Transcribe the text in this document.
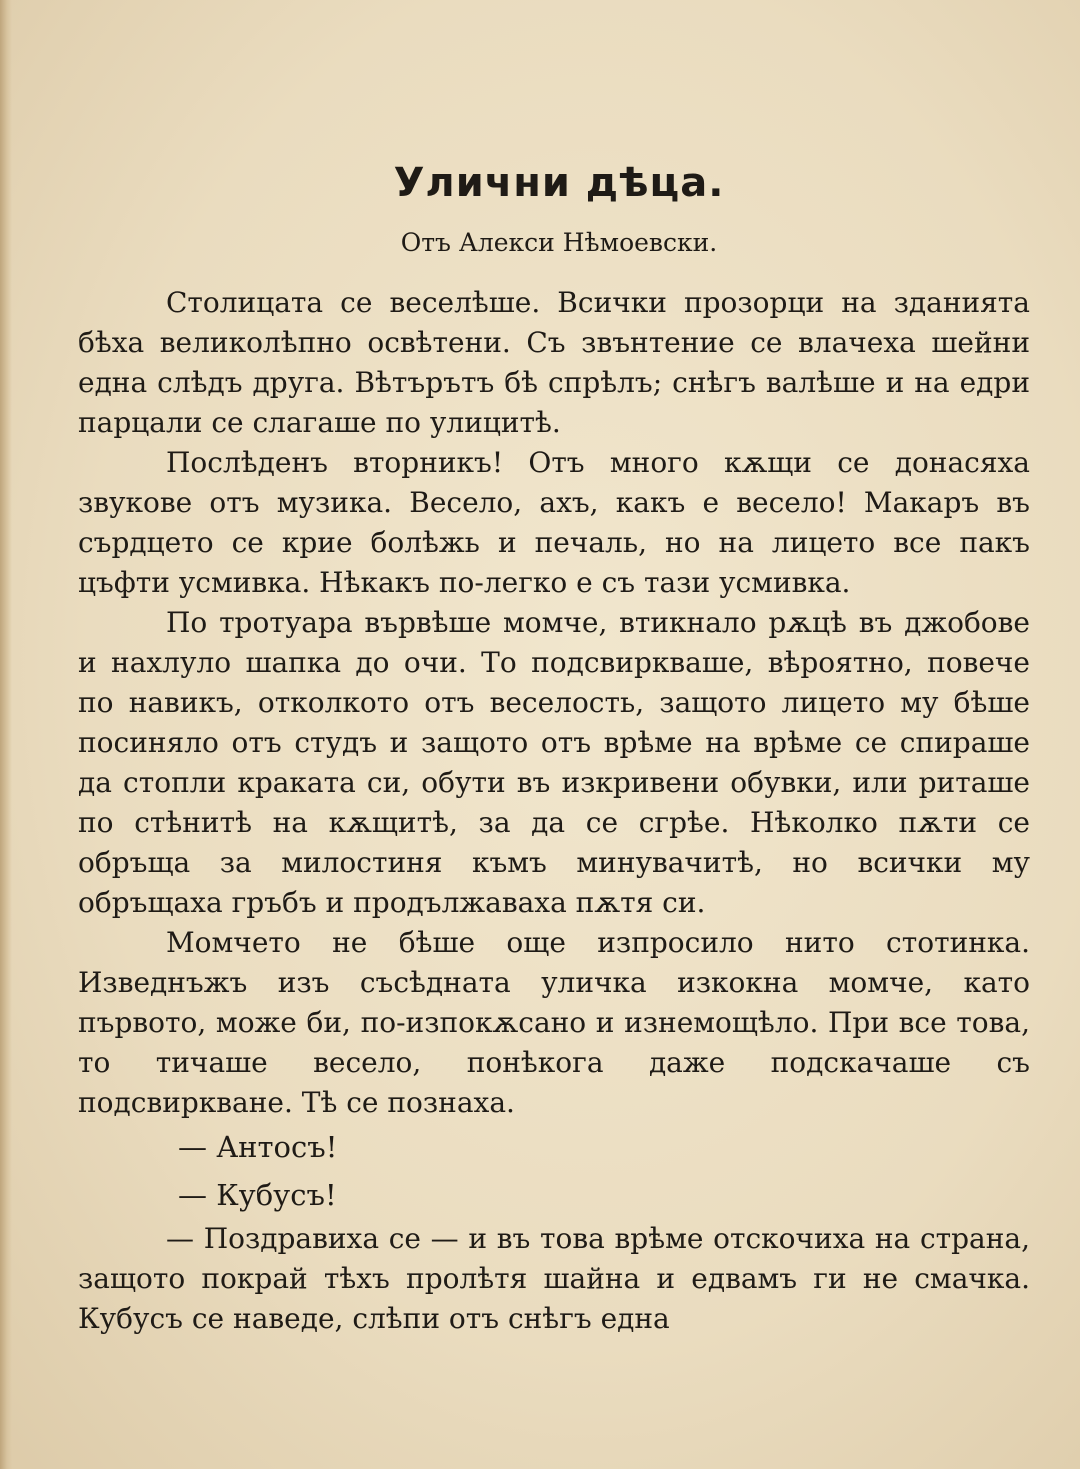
Улични дѣца.
Отъ Алекси Нѣмоевски.

Столицата се веселѣше. Всички прозорци на зданията бѣха великолѣпно освѣтени. Съ звънтение се влачеха шейни една слѣдъ друга. Вѣтърътъ бѣ спрѣлъ; снѣгъ валѣше и на едри парцали се слагаше по улицитѣ.

Послѣденъ вторникъ! Отъ много кѫщи се донасяха звукове отъ музика. Весело, ахъ, какъ е весело! Макаръ въ сърдцето се крие болѣжь и печаль, но на лицето все пакъ цъфти усмивка. Нѣкакъ по-легко е съ тази усмивка.

По тротуара вървѣше момче, втикнало рѫцѣ въ джобове и нахлуло шапка до очи. То подсвиркваше, вѣроятно, повече по навикъ, отколкото отъ веселость, защото лицето му бѣше посиняло отъ студъ и защото отъ врѣме на врѣме се спираше да стопли краката си, обути въ изкривени обувки, или риташе по стѣнитѣ на кѫщитѣ, за да се сгрѣе. Нѣколко пѫти се обръща за милостиня къмъ минувачитѣ, но всички му обръщаха гръбъ и продължаваха пѫтя си.

Момчето не бѣше още изпросило нито стотинка. Изведнъжъ изъ съсѣдната уличка изкокна момче, като първото, може би, по-изпокѫсано и изнемощѣло. При все това, то тичаше весело, понѣкога даже подскачаше съ подсвиркване. Тѣ се познаха.

— Антосъ!

— Кубусъ!

— Поздравиха се — и въ това врѣме отскочиха на страна, защото покрай тѣхъ пролѣтя шайна и едвамъ ги не смачка. Кубусъ се наведе, слѣпи отъ снѣгъ една
